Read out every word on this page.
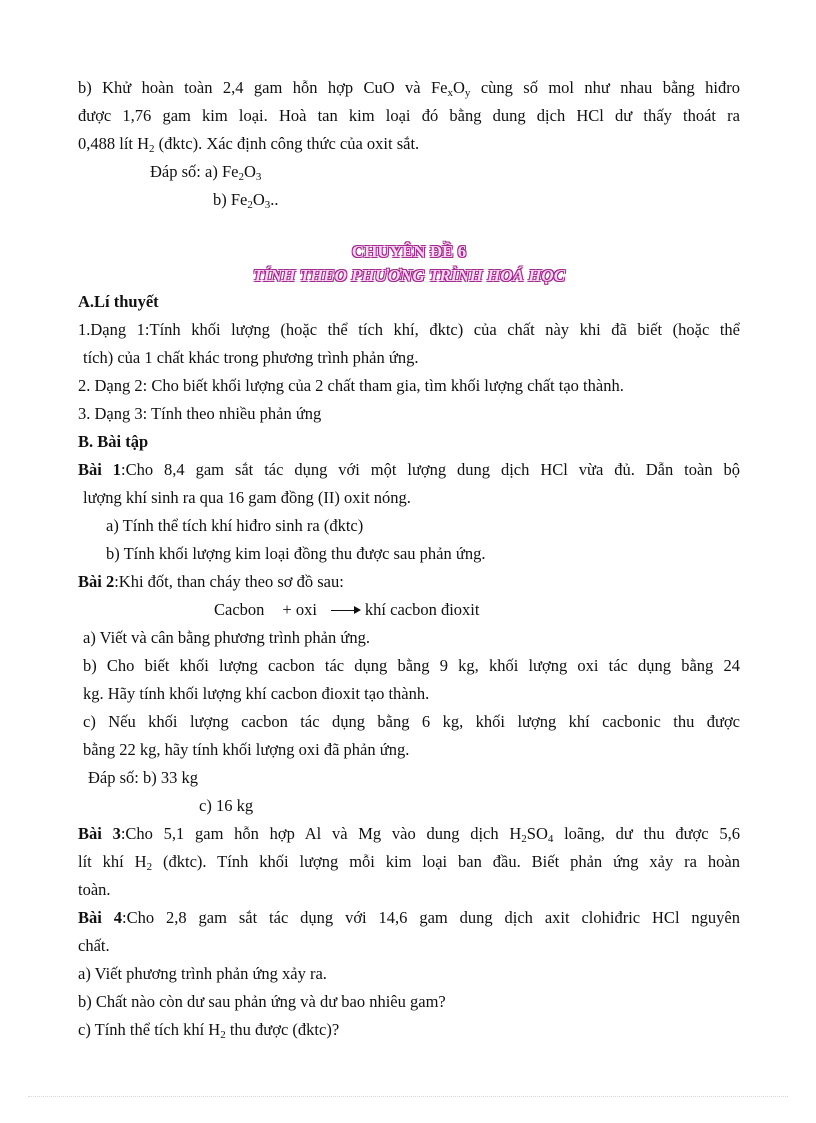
b) Khử hoàn toàn 2,4 gam hỗn hợp CuO và $Fe_xO_y$ cùng số mol như nhau bằng hiđro

được 1,76 gam kim loại. Hoà tan kim loại đó bằng dung dịch HCl dư thấy thoát ra

0,488 lít $H_2$ (đktc). Xác định công thức của oxit sắt.

Đáp số: a) $Fe_2O_3$

b) $Fe_2O_3$..

CHUYÊN ĐỀ 6

TÍNH THEO PHƯƠNG TRÌNH HOÁ HỌC

A.Lí thuyết

1.Dạng 1:Tính khối lượng (hoặc thể tích khí, đktc) của chất này khi đã biết (hoặc thể

tích) của 1 chất khác trong phương trình phản ứng.

2. Dạng 2: Cho biết khối lượng của 2 chất tham gia, tìm khối lượng chất tạo thành.

3. Dạng 3: Tính theo nhiều phản ứng

B. Bài tập

Bài 1:Cho 8,4 gam sắt tác dụng với một lượng dung dịch HCl vừa đủ. Dẫn toàn bộ

lượng khí sinh ra qua 16 gam đồng (II) oxit nóng.

a) Tính thể tích khí hiđro sinh ra (đktc)

b) Tính khối lượng kim loại đồng thu được sau phản ứng.

Bài 2:Khi đốt, than cháy theo sơ đồ sau:

Cacbon + oxi	khí cacbon đioxit

a) Viết và cân bằng phương trình phản ứng.

b) Cho biết khối lượng cacbon tác dụng bằng 9 kg, khối lượng oxi tác dụng bằng 24

kg. Hãy tính khối lượng khí cacbon đioxit tạo thành.

c) Nếu khối lượng cacbon tác dụng bằng 6 kg, khối lượng khí cacbonic thu được

bằng 22 kg, hãy tính khối lượng oxi đã phản ứng.

Đáp số: b) 33 kg

c) 16 kg

Bài 3:Cho 5,1 gam hỗn hợp Al và Mg vào dung dịch $H_2SO_4$ loãng, dư thu được 5,6

lít khí $H_2$ (đktc). Tính khối lượng mỗi kim loại ban đầu. Biết phản ứng xảy ra hoàn

toàn.

Bài 4:Cho 2,8 gam sắt tác dụng với 14,6 gam dung dịch axit clohiđric HCl nguyên

chất.

a) Viết phương trình phản ứng xảy ra.

b) Chất nào còn dư sau phản ứng và dư bao nhiêu gam?

c) Tính thể tích khí $H_2$ thu được (đktc)?
